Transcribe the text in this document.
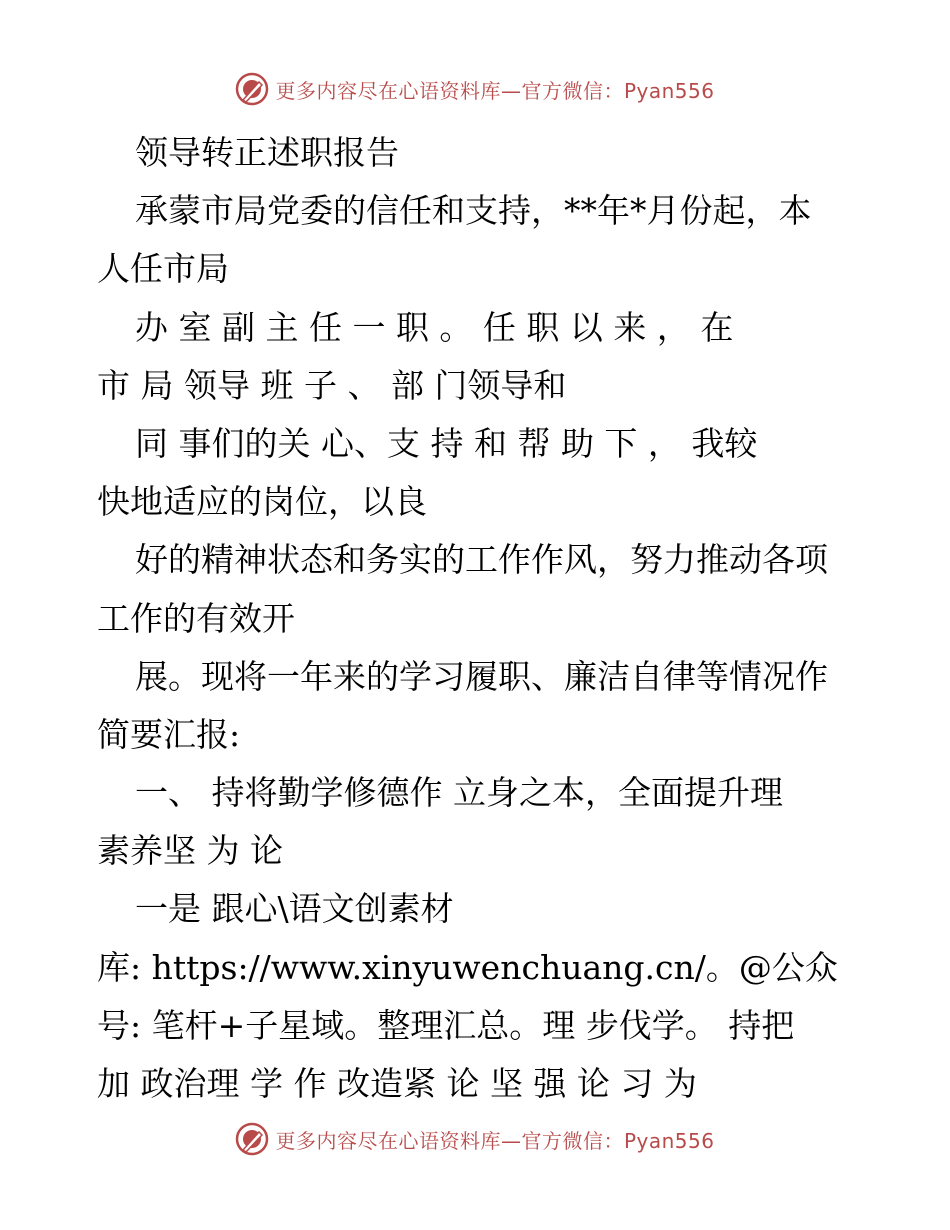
更多内容尽在心语资料库—官方微信：Pyan556
领导转正述职报告
承蒙市局党委的信任和支持，**年*月份起，本
人任市局
办 室 副 主 任 一 职 。 任 职 以 来 ， 在
市 局 领导 班 子 、 部 门领导和
同 事们的关 心、支 持 和 帮 助 下 ， 我较
快地适应的岗位，以良
好的精神状态和务实的工作作风，努力推动各项
工作的有效开
展。现将一年来的学习履职、廉洁自律等情况作
简要汇报:
一、 持将勤学修德作 立身之本，全面提升理
素养坚 为 论
一是 跟心\语文创素材
库: https://www.xinyuwenchuang.cn/。@公众
号: 笔杆+子星域。整理汇总。理 步伐学。 持把
加 政治理 学 作 改造紧 论 坚 强 论 习 为
更多内容尽在心语资料库—官方微信：Pyan556
